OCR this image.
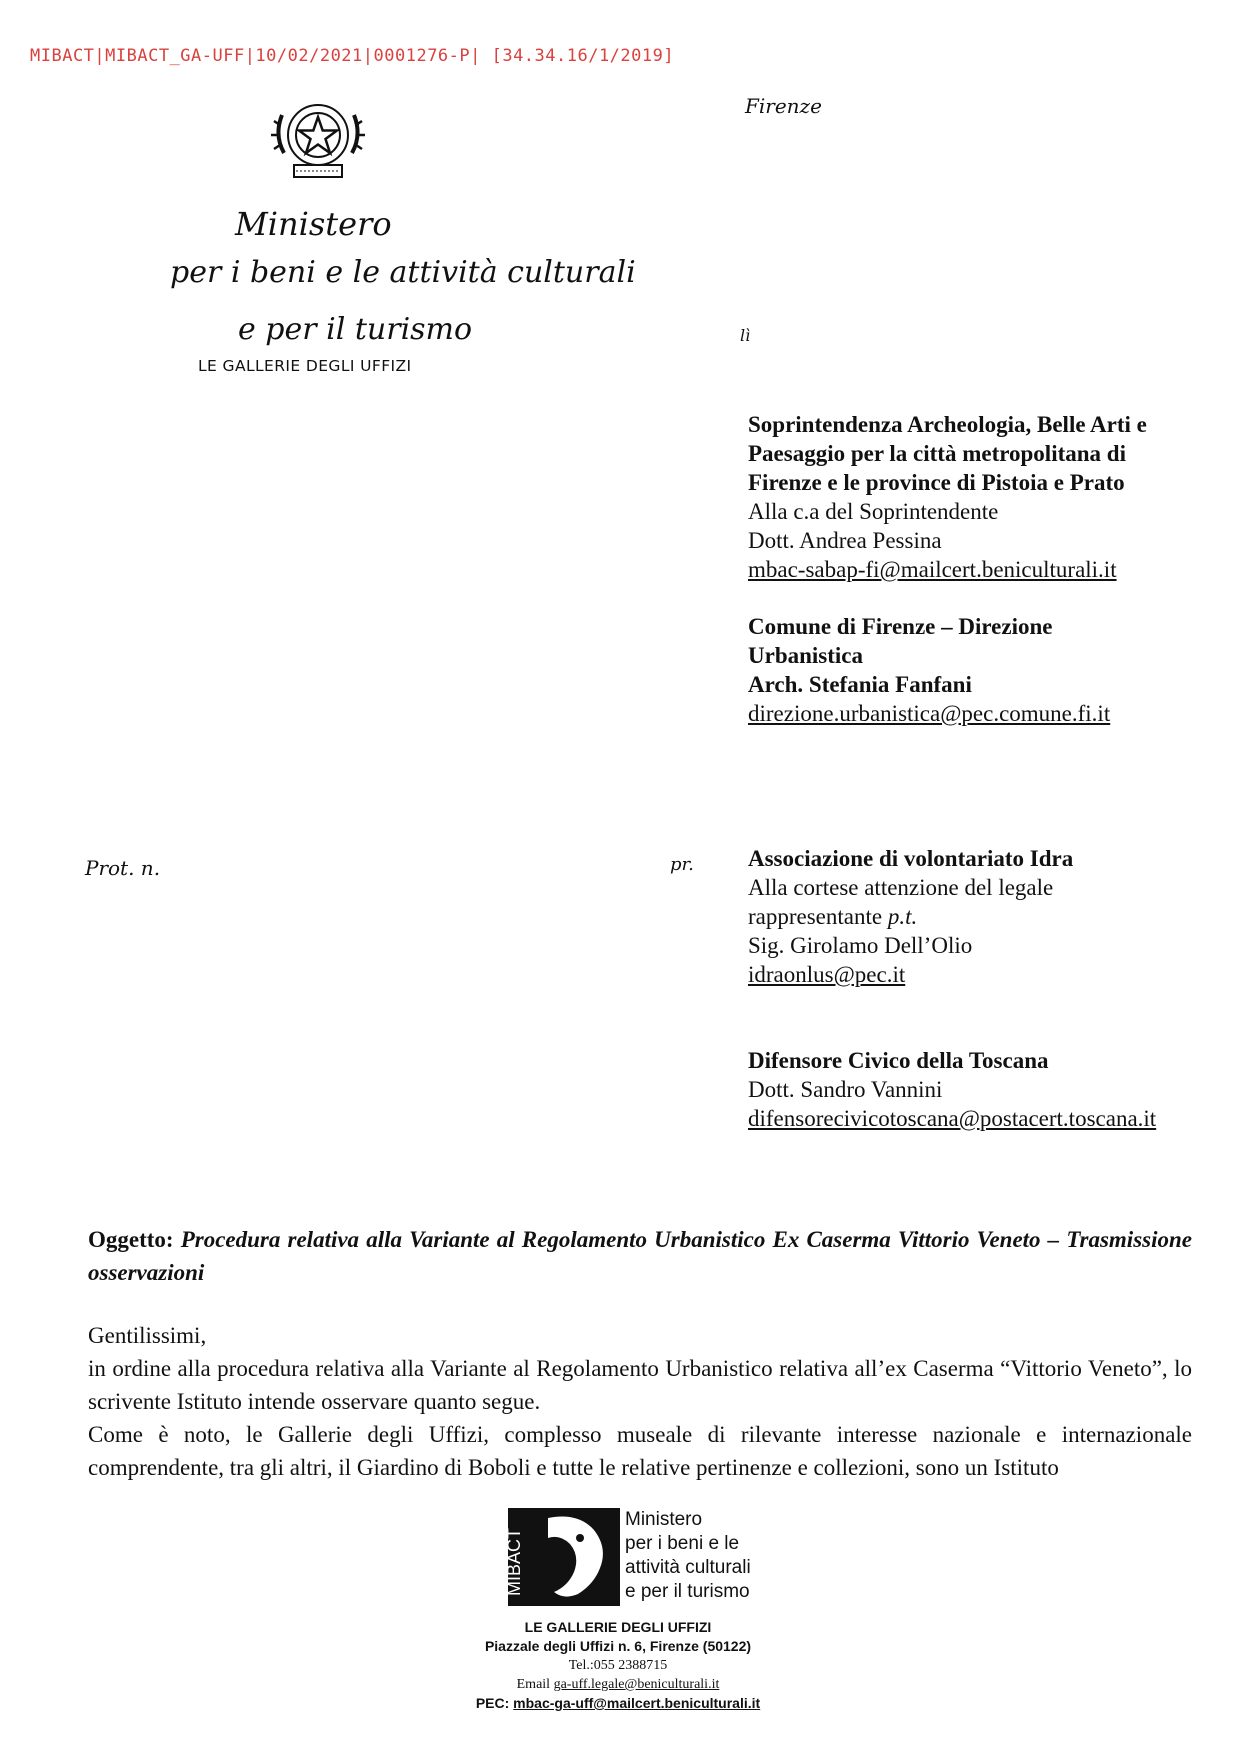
MIBACT|MIBACT_GA-UFF|10/02/2021|0001276-P| [34.34.16/1/2019]
Ministero
per i beni e le attività culturali
e per il turismo
LE GALLERIE DEGLI UFFIZI
Firenze
lì
Prot. n.	pr.

Soprintendenza Archeologia, Belle Arti e

Paesaggio per la città metropolitana di

Firenze e le province di Pistoia e Prato

Alla c.a del Soprintendente

Dott. Andrea Pessina

mbac-sabap-fi@mailcert.beniculturali.it

Comune di Firenze – Direzione

Urbanistica

Arch. Stefania Fanfani

direzione.urbanistica@pec.comune.fi.it

Associazione di volontariato Idra

Alla cortese attenzione del legale

rappresentante p.t.

Sig. Girolamo Dell’Olio

idraonlus@pec.it

Difensore Civico della Toscana

Dott. Sandro Vannini

difensorecivicotoscana@postacert.toscana.it

Oggetto: Procedura relativa alla Variante al Regolamento Urbanistico Ex Caserma Vittorio Veneto – Trasmissione osservazioni

Gentilissimi,

in ordine alla procedura relativa alla Variante al Regolamento Urbanistico relativa all’ex Caserma “Vittorio Veneto”, lo scrivente Istituto intende osservare quanto segue.

Come è noto, le Gallerie degli Uffizi, complesso museale di rilevante interesse nazionale e internazionale comprendente, tra gli altri, il Giardino di Boboli e tutte le relative pertinenze e collezioni, sono un Istituto

MIBACT
Ministero
per i beni e le
attività culturali
e per il turismo
LE GALLERIE DEGLI UFFIZI
Piazzale degli Uffizi n. 6, Firenze (50122)
Tel.:055 2388715
Email ga-uff.legale@beniculturali.it
PEC: mbac-ga-uff@mailcert.beniculturali.it
